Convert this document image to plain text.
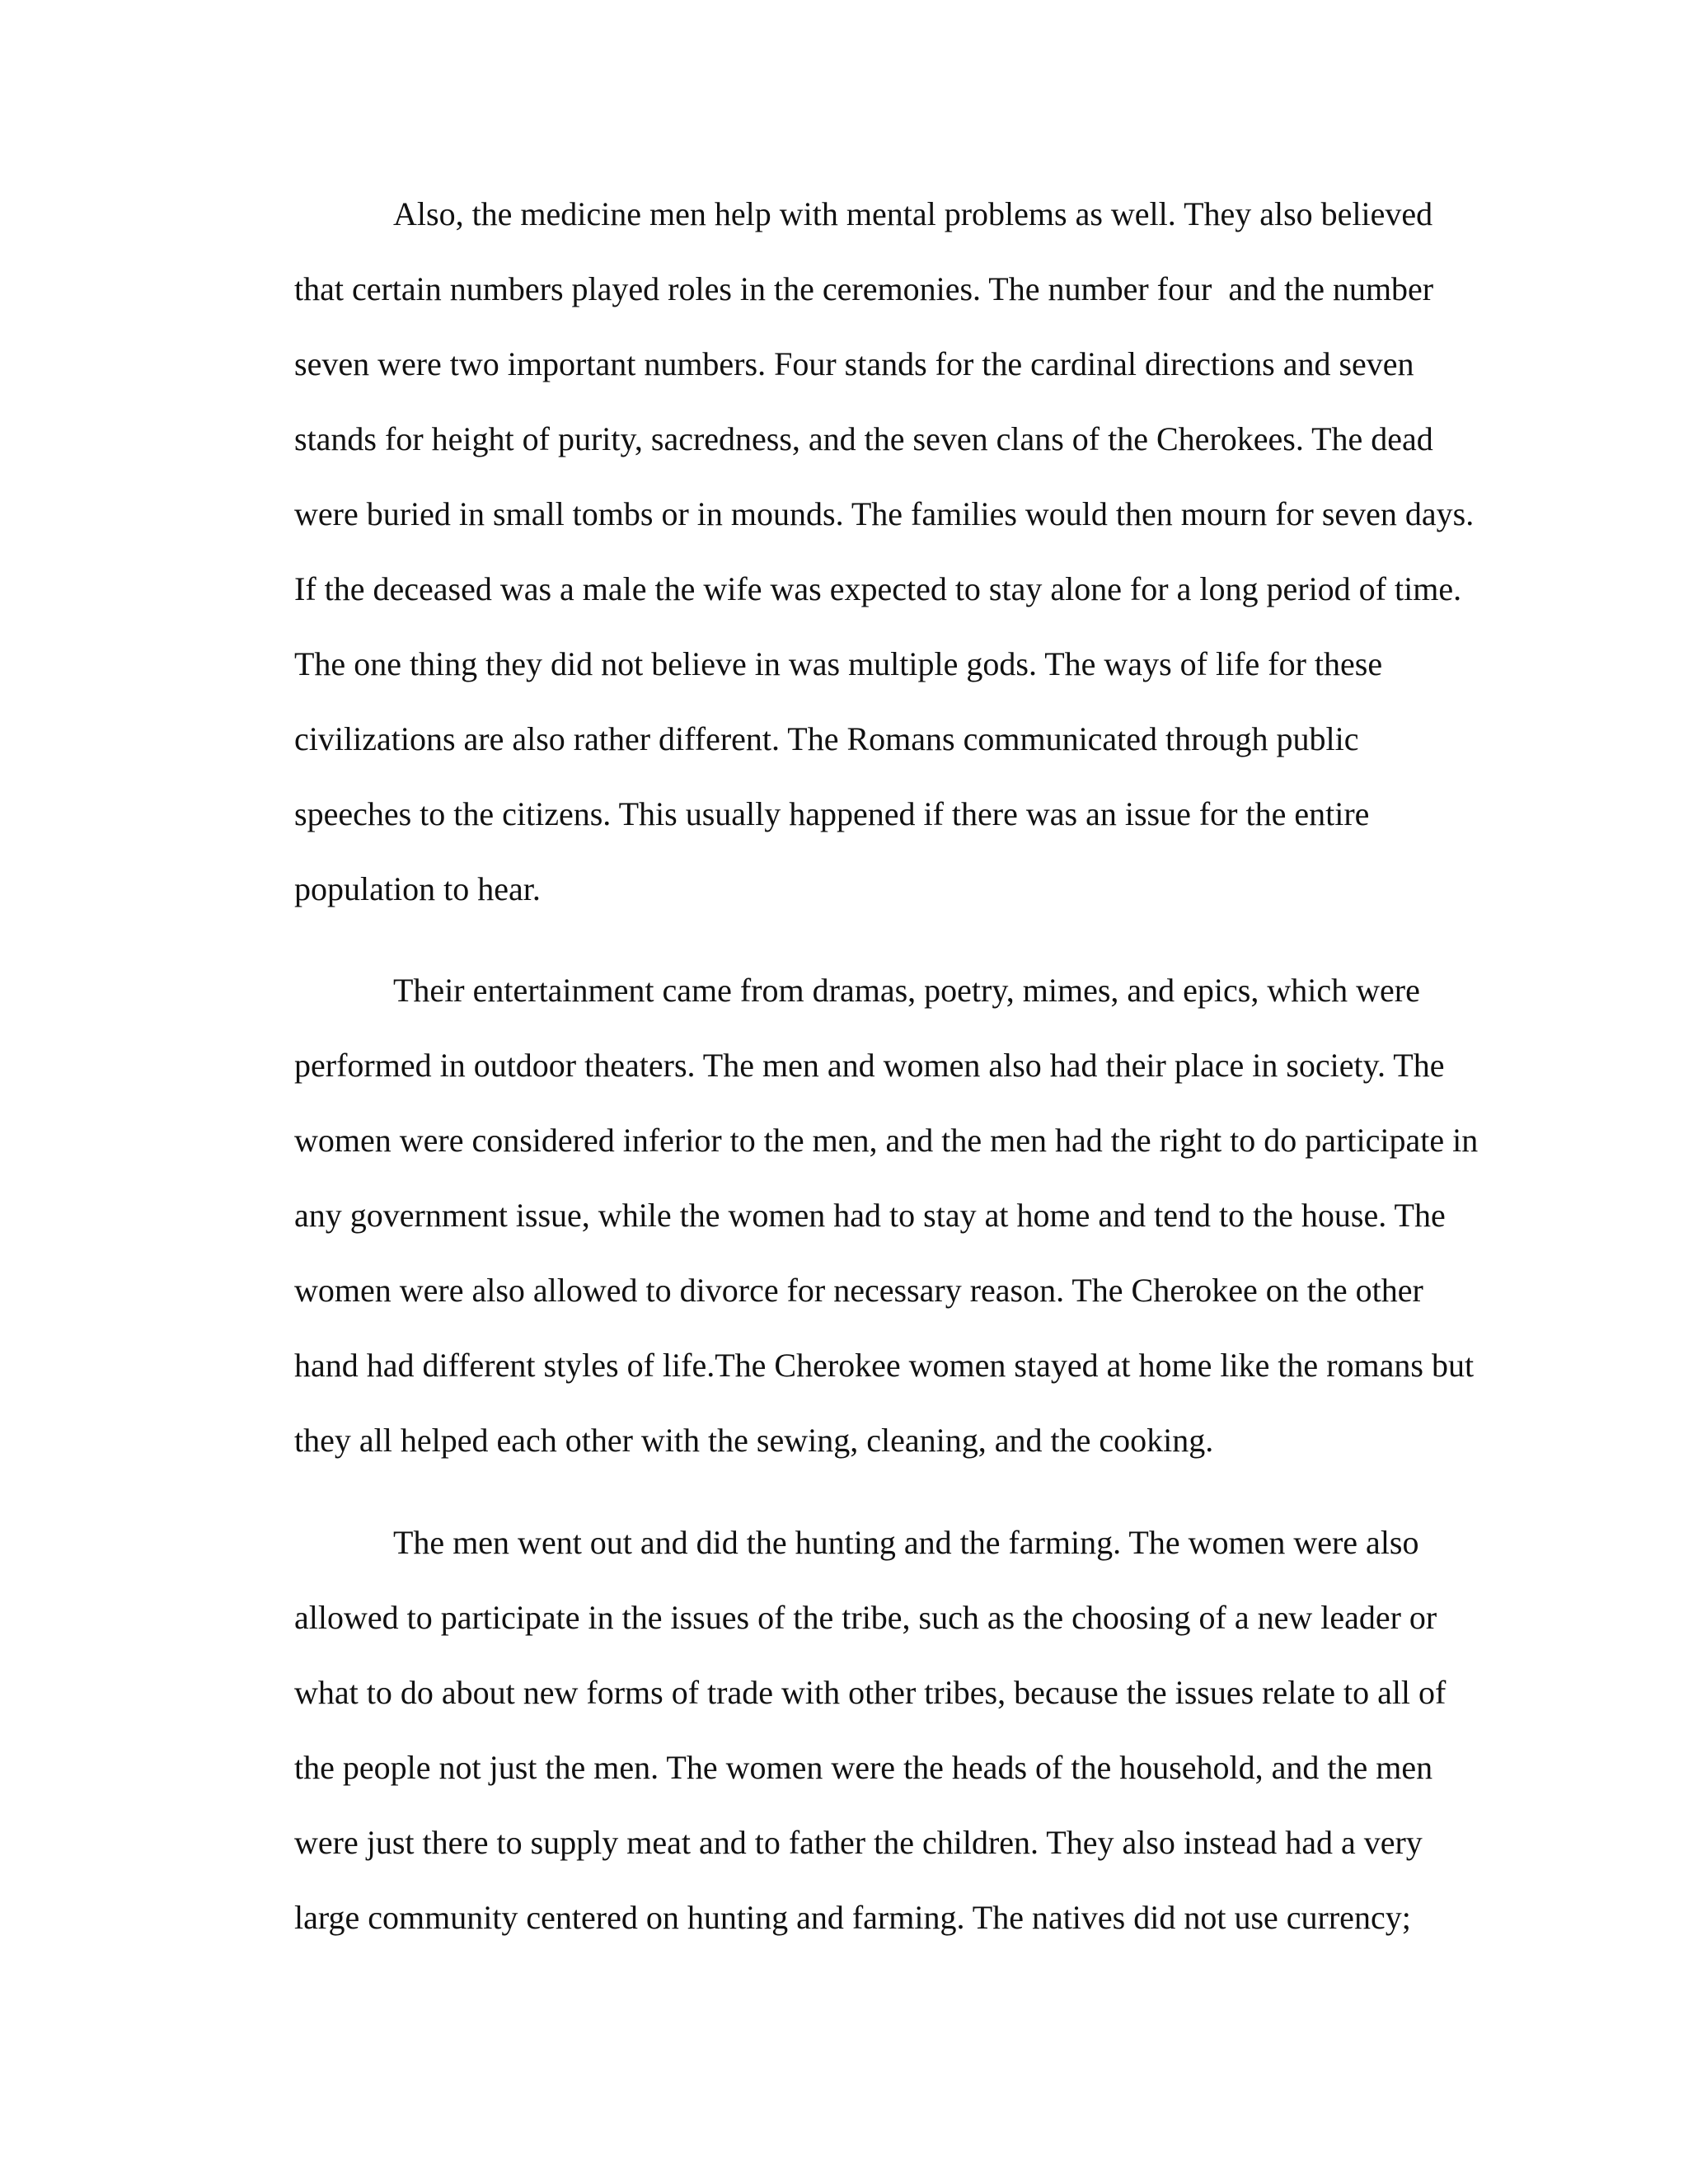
Also, the medicine men help with mental problems as well. They also believed
that certain numbers played roles in the ceremonies. The number four  and the number
seven were two important numbers. Four stands for the cardinal directions and seven
stands for height of purity, sacredness, and the seven clans of the Cherokees. The dead
were buried in small tombs or in mounds. The families would then mourn for seven days.
If the deceased was a male the wife was expected to stay alone for a long period of time.
The one thing they did not believe in was multiple gods. The ways of life for these
civilizations are also rather different. The Romans communicated through public
speeches to the citizens. This usually happened if there was an issue for the entire
population to hear.
Their entertainment came from dramas, poetry, mimes, and epics, which were
performed in outdoor theaters. The men and women also had their place in society. The
women were considered inferior to the men, and the men had the right to do participate in
any government issue, while the women had to stay at home and tend to the house. The
women were also allowed to divorce for necessary reason. The Cherokee on the other
hand had different styles of life.The Cherokee women stayed at home like the romans but
they all helped each other with the sewing, cleaning, and the cooking.
The men went out and did the hunting and the farming. The women were also
allowed to participate in the issues of the tribe, such as the choosing of a new leader or
what to do about new forms of trade with other tribes, because the issues relate to all of
the people not just the men. The women were the heads of the household, and the men
were just there to supply meat and to father the children. They also instead had a very
large community centered on hunting and farming. The natives did not use currency;
